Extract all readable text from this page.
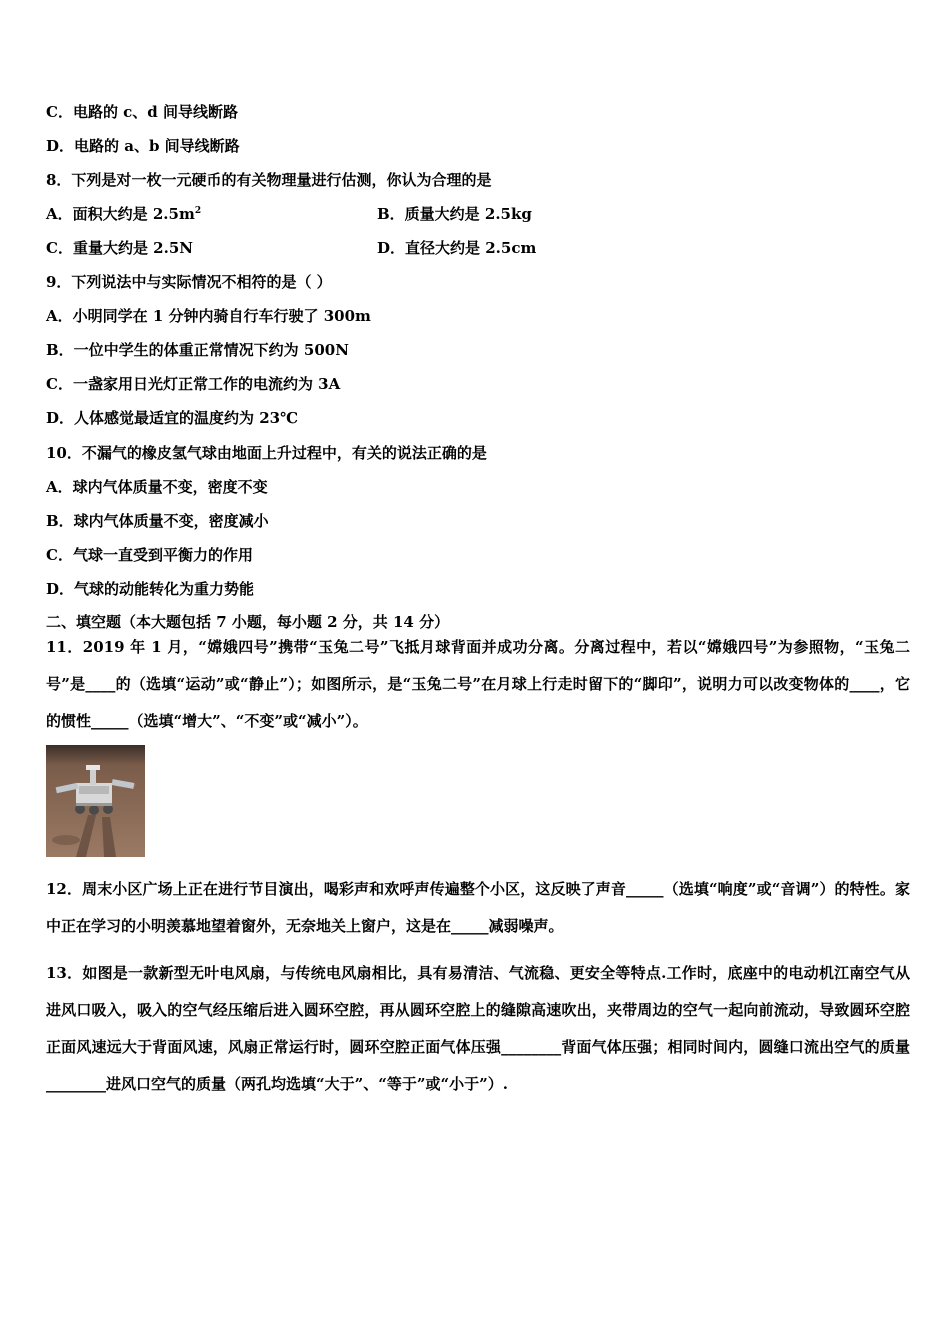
C．电路的 c、d 间导线断路
D．电路的 a、b 间导线断路
8．下列是对一枚一元硬币的有关物理量进行估测，你认为合理的是
A．面积大约是 $2.5m^2$	B．质量大约是 2.5kg
C．重量大约是 2.5N	D．直径大约是 2.5cm
9．下列说法中与实际情况不相符的是（ ）
A．小明同学在 1 分钟内骑自行车行驶了 300m
B．一位中学生的体重正常情况下约为 500N
C．一盏家用日光灯正常工作的电流约为 3A
D．人体感觉最适宜的温度约为 23℃
10．不漏气的橡皮氢气球由地面上升过程中，有关的说法正确的是
A．球内气体质量不变，密度不变
B．球内气体质量不变，密度减小
C．气球一直受到平衡力的作用
D．气球的动能转化为重力势能
二、填空题（本大题包括 7 小题，每小题 2 分，共 14 分）
11．2019 年 1 月，“嫦娥四号”携带“玉兔二号”飞抵月球背面并成功分离。分离过程中，若以“嫦娥四号”为参照物，“玉兔二号”是____的（选填“运动”或“静止”）；如图所示，是“玉兔二号”在月球上行走时留下的“脚印”，说明力可以改变物体的____，它的惯性_____（选填“增大”、“不变”或“减小”）。
12．周末小区广场上正在进行节目演出，喝彩声和欢呼声传遍整个小区，这反映了声音_____（选填“响度”或“音调”）的特性。家中正在学习的小明羡慕地望着窗外，无奈地关上窗户，这是在_____减弱噪声。
13．如图是一款新型无叶电风扇，与传统电风扇相比，具有易清洁、气流稳、更安全等特点.工作时，底座中的电动机江南空气从进风口吸入，吸入的空气经压缩后进入圆环空腔，再从圆环空腔上的缝隙高速吹出，夹带周边的空气一起向前流动，导致圆环空腔正面风速远大于背面风速，风扇正常运行时，圆环空腔正面气体压强________背面气体压强；相同时间内，圆缝口流出空气的质量________进风口空气的质量（两孔均选填“大于”、“等于”或“小于”）.
